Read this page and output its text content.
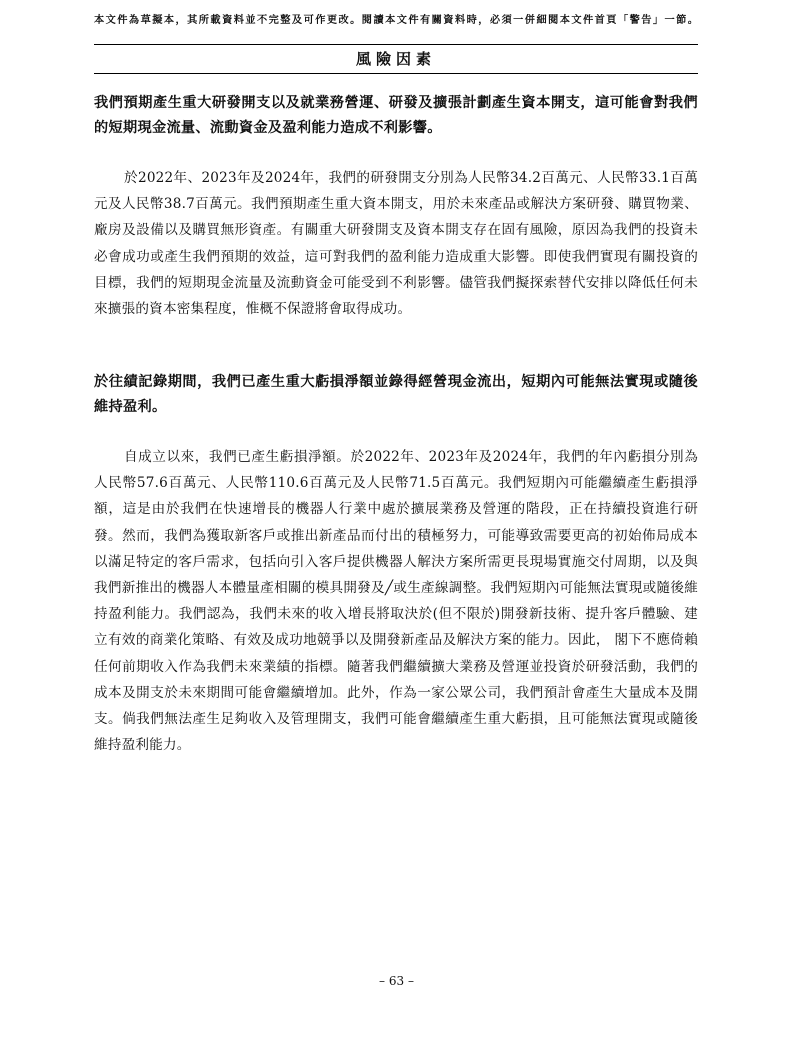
本文件為草擬本，其所載資料並不完整及可作更改。閱讀本文件有關資料時，必須一併細閱本文件首頁「警告」一節。
風險因素
我們預期產生重大研發開支以及就業務營運、研發及擴張計劃產生資本開支，這可能會對我們的短期現金流量、流動資金及盈利能力造成不利影響。
於2022年、2023年及2024年，我們的研發開支分別為人民幣34.2百萬元、人民幣33.1百萬元及人民幣38.7百萬元。我們預期產生重大資本開支，用於未來產品或解決方案研發、購買物業、廠房及設備以及購買無形資產。有關重大研發開支及資本開支存在固有風險，原因為我們的投資未必會成功或產生我們預期的效益，這可對我們的盈利能力造成重大影響。即使我們實現有關投資的目標，我們的短期現金流量及流動資金可能受到不利影響。儘管我們擬探索替代安排以降低任何未來擴張的資本密集程度，惟概不保證將會取得成功。
於往績記錄期間，我們已產生重大虧損淨額並錄得經營現金流出，短期內可能無法實現或隨後維持盈利。
自成立以來，我們已產生虧損淨額。於2022年、2023年及2024年，我們的年內虧損分別為人民幣57.6百萬元、人民幣110.6百萬元及人民幣71.5百萬元。我們短期內可能繼續產生虧損淨額，這是由於我們在快速增長的機器人行業中處於擴展業務及營運的階段，正在持續投資進行研發。然而，我們為獲取新客戶或推出新產品而付出的積極努力，可能導致需要更高的初始佈局成本以滿足特定的客戶需求，包括向引入客戶提供機器人解決方案所需更長現場實施交付周期，以及與我們新推出的機器人本體量產相關的模具開發及╱或生產線調整。我們短期內可能無法實現或隨後維持盈利能力。我們認為，我們未來的收入增長將取決於(但不限於)開發新技術、提升客戶體驗、建立有效的商業化策略、有效及成功地競爭以及開發新產品及解決方案的能力。因此， 閣下不應倚賴任何前期收入作為我們未來業績的指標。隨著我們繼續擴大業務及營運並投資於研發活動，我們的成本及開支於未來期間可能會繼續增加。此外，作為一家公眾公司，我們預計會產生大量成本及開支。倘我們無法產生足夠收入及管理開支，我們可能會繼續產生重大虧損，且可能無法實現或隨後維持盈利能力。
– 63 –
